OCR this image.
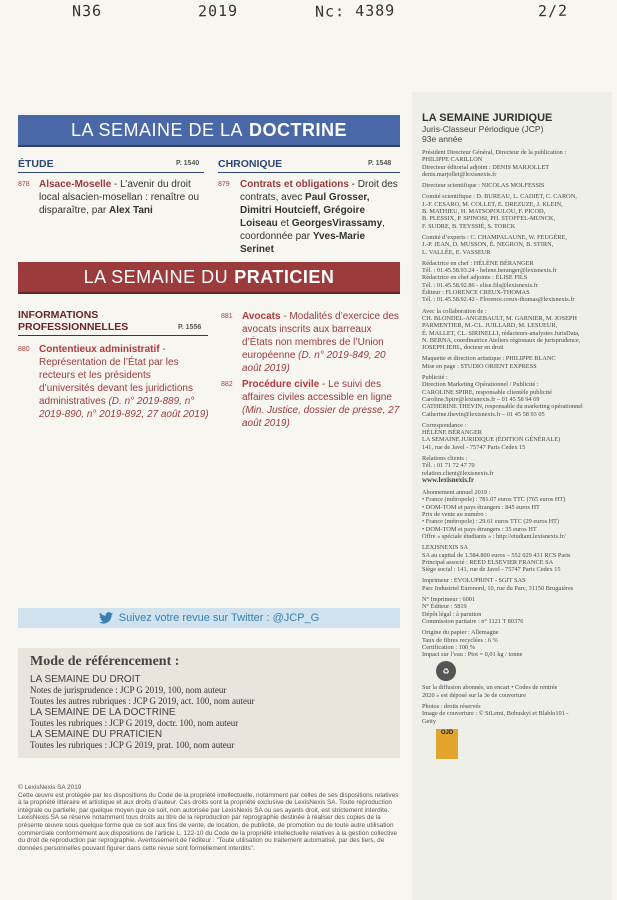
N36	2019	Nc: 4389	2/2
LA SEMAINE DE LA DOCTRINE
ÉTUDE	P. 1540
878 Alsace-Moselle - L’avenir du droit local alsacien-mosellan : renaître ou disparaître, par Alex Tani
CHRONIQUE	P. 1548
879 Contrats et obligations - Droit des contrats, avec Paul Grosser, Dimitri Houtcieff, Grégoire Loiseau et GeorgesVirassamy, coordonnée par Yves-Marie Serinet
LA SEMAINE DU PRATICIEN
INFORMATIONS PROFESSIONNELLES	P. 1556
880 Contentieux administratif - Représentation de l’État par les recteurs et les présidents d’universités devant les juridictions administratives (D. n° 2019-889, n° 2019-890, n° 2019-892, 27 août 2019)
881 Avocats - Modalités d’exercice des avocats inscrits aux barreaux d’États non membres de l’Union européenne (D. n° 2019-849, 20 août 2019)
882 Procédure civile - Le suivi des affaires civiles accessible en ligne (Min. Justice, dossier de presse, 27 août 2019)
Suivez votre revue sur Twitter : @JCP_G
Mode de référencement :
LA SEMAINE DU DROIT
Notes de jurisprudence : JCP G 2019, 100, nom auteur
Toutes les autres rubriques : JCP G 2019, act. 100, nom auteur
LA SEMAINE DE LA DOCTRINE
Toutes les rubriques : JCP G 2019, doctr. 100, nom auteur
LA SEMAINE DU PRATICIEN
Toutes les rubriques : JCP G 2019, prat. 100, nom auteur

© LexisNexis SA 2019

Cette œuvre est protégée par les dispositions du Code de la propriété intellectuelle, notamment par celles de ses dispositions relatives à la propriété littéraire et artistique et aux droits d’auteur. Ces droits sont la propriété exclusive de LexisNexis SA. Toute reproduction intégrale ou partielle, par quelque moyen que ce soit, non autorisée par LexisNexis SA ou ses ayants droit, est strictement interdite.

LexisNexis SA se réserve notamment tous droits au titre de la reproduction par reprographie destinée à réaliser des copies de la présente œuvre sous quelque forme que ce soit aux fins de vente, de location, de publicité, de promotion ou de toute autre utilisation commerciale conformément aux dispositions de l’article L. 122-10 du Code de la propriété intellectuelle relatives à la gestion collective du droit de reproduction par reprographie. Avertissement de l’éditeur : "Toute utilisation ou traitement automatisé, par des tiers, de données personnelles pouvant figurer dans cette revue sont formellement interdits".

LA SEMAINE JURIDIQUE
Juris-Classeur Périodique (JCP)
93e année

Président Directeur Général, Directeur de la publication :

PHILIPPE CARILLON

Directeur éditorial adjoint : DENIS MARJOLLET

denis.marjollet@lexisnexis.fr

Directeur scientifique : NICOLAS MOLFESSIS

Comité scientifique : D. BUREAU, L. CADIET, C. CARON,

J.-F. CESARO, M. COLLET, E. DREZUZE, J. KLEIN,

B. MATHIEU, H. MATSOPOULOU, F. PICOD,

B. PLESSIX, P. SPINOSI, PH. STOFFEL-MUNCK,

F. SUDRE, B. TEYSSIÉ, S. TORCK

Comité d’experts : C. CHAMPALAUNE, W. FEUGÈRE,

J.-P. JEAN, D. MUSSON, É. NEGRON, B. STIRN,

L. VALLÉE, E. VASSEUR

Rédactrice en chef : HÉLÈNE BÉRANGER

Tél. : 01.45.58.93.24 - helene.beranger@lexisnexis.fr

Rédactrice en chef adjointe : ÉLISE FILS

Tél. : 01.45.58.92.86 - elise.fils@lexisnexis.fr

Éditeur : FLORENCE CREUX-THOMAS

Tél. : 01.45.58.92.42 - Florence.creux-thomas@lexisnexis.fr

Avec la collaboration de :

CH. BLONDEL-ANGEBAULT, M. GARNIER, M. JOSEPH

PARMENTIER, M.-CL. JUILLARD, M. LESUEUR,

É. MALLET, CL. SIRINELLI, rédacteurs-analystes JurisData,

N. BERNA, coordinatrice Ateliers régionaux de jurisprudence,

JOSEPH JEHL, docteur en droit

Maquette et direction artistique : PHILIPPE BLANC

Mise en page : STUDIO ORIENT EXPRESS

Publicité :

Direction Marketing Opérationnel / Publicité :

CAROLINE SPIRE, responsable clientèle publicité

Caroline.Spire@lexisnexis.fr – 01 45 58 94 69

CATHERINE THEVIN, responsable du marketing opérationnel

Catherine.thevin@lexisnexis.fr – 01 45 58 93 05

Correspondance :

HÉLÈNE BÉRANGER

LA SEMAINE JURIDIQUE (ÉDITION GÉNÉRALE)

141, rue de Javel - 75747 Paris Cedex 15

Relations clients :

Tél. : 01 71 72 47 70

relation.client@lexisnexis.fr

www.lexisnexis.fr

Abonnement annuel 2019 :

• France (métropole) : 781.07 euros TTC (765 euros HT)

• DOM-TOM et pays étrangers : 845 euros HT

Prix de vente au numéro :

• France (métropole) : 29.61 euros TTC (29 euros HT)

• DOM-TOM et pays étrangers : 35 euros HT

Offre « spéciale étudiants » : http://etudiant.lexisnexis.fr/

LEXISNEXIS SA

SA au capital de 1.584.800 euros – 552 029 431 RCS Paris

Principal associé : REED ELSEVIER FRANCE SA

Siège social : 141, rue de Javel - 75747 Paris Cedex 15

Imprimeur : EVOLUPRINT - SGIT SAS

Parc Industriel Euronord, 10, rue du Parc, 31150 Bruguières

N° Imprimeur : 6001

N° Éditeur : 5819

Dépôt légal : à parution

Commission paritaire : n° 1121 T 80376

Origine du papier : Allemagne

Taux de fibres recyclées : 6 %

Certification : 100 %

Impact sur l’eau : Ptot = 0,01 kg / tonne

♻

Sur la diffusion abonnés, un encart • Codes de rentrée

2020 » est déposé sur la 3e de couverture

Photos : droits réservés

Image de couverture : © StLemi, Bobuskyi et Blablo101 -

Getty

OJD
